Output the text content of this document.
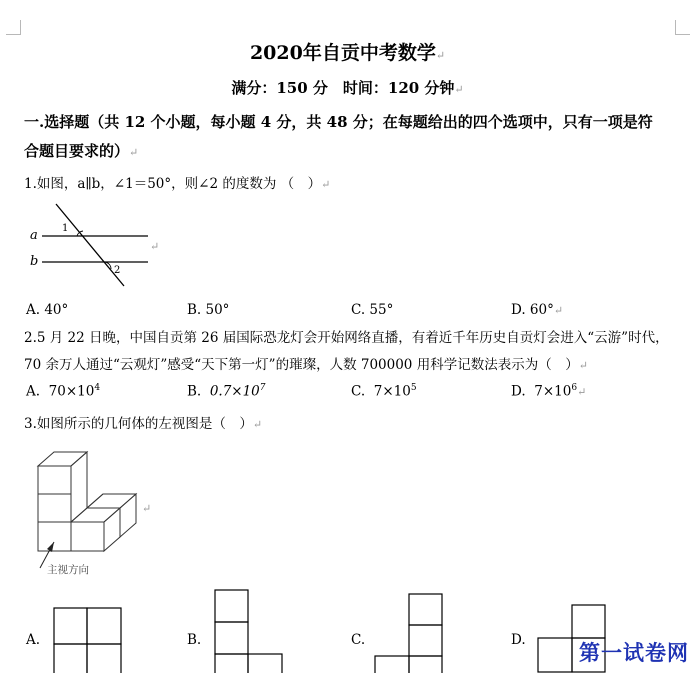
2020年自贡中考数学↵
满分：150 分　时间：120 分钟↵
一.选择题（共 12 个小题，每小题 4 分，共 48 分；在每题给出的四个选项中，只有一项是符
合题目要求的）↵
1.如图，a∥b，∠1＝50°，则∠2 的度数为 （　）↵
a
b
1
2
↵
A. 40°	B. 50°	C. 55°	D. 60°↵
2.5 月 22 日晚，中国自贡第 26 届国际恐龙灯会开始网络直播，有着近千年历史自贡灯会进入“云游”时代，
70 余万人通过“云观灯”感受“天下第一灯”的璀璨，人数 700000 用科学记数法表示为（　）↵
A. $70\times 10^4$	B. $0.7\times 10^7$	C. $7\times 10^5$	D. $7\times 10^6↵$
3.如图所示的几何体的左视图是（　）↵
主视方向
↵
A.	B.	C.	D.
第一试卷网
